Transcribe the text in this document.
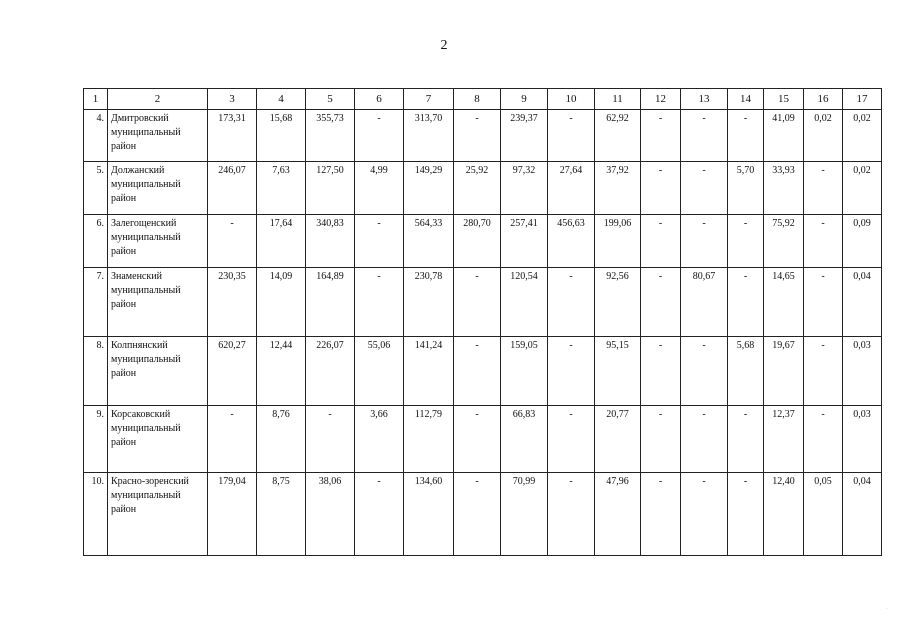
2
1	2	3	4	5	6	7	8	9	10	11	12	13	14	15	16	17
4.	Дмитровский муниципальный район	173,31	15,68	355,73	-	313,70	-	239,37	-	62,92	-	-	-	41,09	0,02	0,02
5.	Должанский муниципальный район	246,07	7,63	127,50	4,99	149,29	25,92	97,32	27,64	37,92	-	-	5,70	33,93	-	0,02
6.	Залегощенский муниципальный район	-	17,64	340,83	-	564,33	280,70	257,41	456,63	199,06	-	-	-	75,92	-	0,09
7.	Знаменский муниципальный район	230,35	14,09	164,89	-	230,78	-	120,54	-	92,56	-	80,67	-	14,65	-	0,04
8.	Колпнянский муниципальный район	620,27	12,44	226,07	55,06	141,24	-	159,05	-	95,15	-	-	5,68	19,67	-	0,03
9.	Корсаковский муниципальный район	-	8,76	-	3,66	112,79	-	66,83	-	20,77	-	-	-	12,37	-	0,03
10.	Красно-зоренский муниципальный район	179,04	8,75	38,06	-	134,60	-	70,99	-	47,96	-	-	-	12,40	0,05	0,04
·
